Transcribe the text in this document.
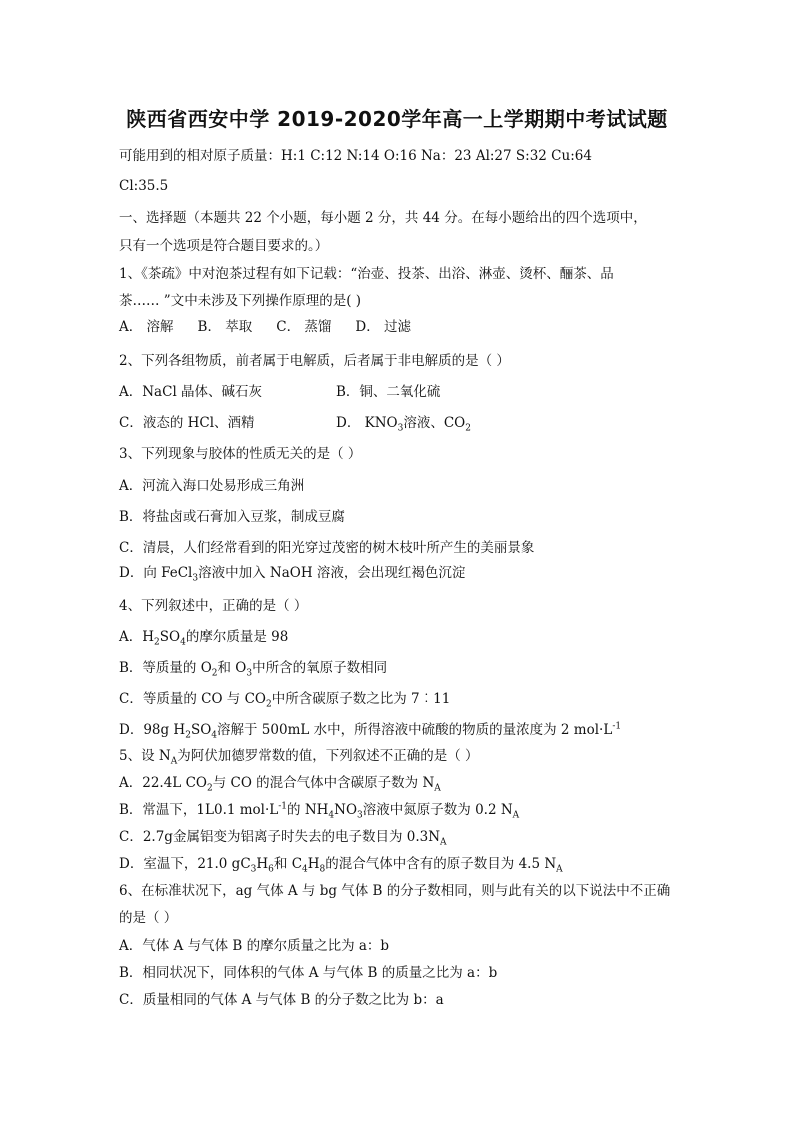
陕西省西安中学 2019-2020学年高一上学期期中考试试题
可能用到的相对原子质量：H:1 C:12 N:14 O:16 Na：23 Al:27 S:32 Cu:64
Cl:35.5
一、选择题（本题共 22 个小题，每小题 2 分，共 44 分。在每小题给出的四个选项中，
只有一个选项是符合题目要求的。）
1、《茶疏》中对泡茶过程有如下记载：“治壶、投茶、出浴、淋壶、烫杯、酾茶、品
茶…… ”文中未涉及下列操作原理的是( )
A． 溶解 B． 萃取 C． 蒸馏 D． 过滤
2、下列各组物质，前者属于电解质，后者属于非电解质的是（ ）
A．NaCl 晶体、碱石灰	B．铜、二氧化硫
C．液态的 HCl、酒精	D． $KNO_3$溶液、$CO_2$
3、下列现象与胶体的性质无关的是（ ）
A．河流入海口处易形成三角洲
B．将盐卤或石膏加入豆浆，制成豆腐
C．清晨，人们经常看到的阳光穿过茂密的树木枝叶所产生的美丽景象
D．向 FeCl$_3$溶液中加入 NaOH 溶液，会出现红褐色沉淀
4、下列叙述中，正确的是（ ）
A．$H_2SO_4$的摩尔质量是 98
B．等质量的 $O_2$和 $O_3$中所含的氧原子数相同
C．等质量的 CO 与 $CO_2$中所含碳原子数之比为 7︰11
D．98g $H_2SO_4$溶解于 500mL 水中，所得溶液中硫酸的物质的量浓度为 2 $mol\cdot L^{-1}$
5、设 $N_A$为阿伏加德罗常数的值，下列叙述不正确的是（ ）
A．22.4L $CO_2$与 CO 的混合气体中含碳原子数为 $N_A$
B．常温下，1L0.1 $mol\cdot L^{-1}$的 $NH_4NO_3$溶液中氮原子数为 0.2 $N_A$
C．2.7g金属铝变为铝离子时失去的电子数目为 $0.3N_A$
D．室温下，21.0 $gC_3H_6$和 $C_4H_8$的混合气体中含有的原子数目为 4.5 $N_A$
6、在标准状况下，ag 气体 A 与 bg 气体 B 的分子数相同，则与此有关的以下说法中不正确
的是（ ）
A．气体 A 与气体 B 的摩尔质量之比为 a：b
B．相同状况下，同体积的气体 A 与气体 B 的质量之比为 a：b
C．质量相同的气体 A 与气体 B 的分子数之比为 b：a
